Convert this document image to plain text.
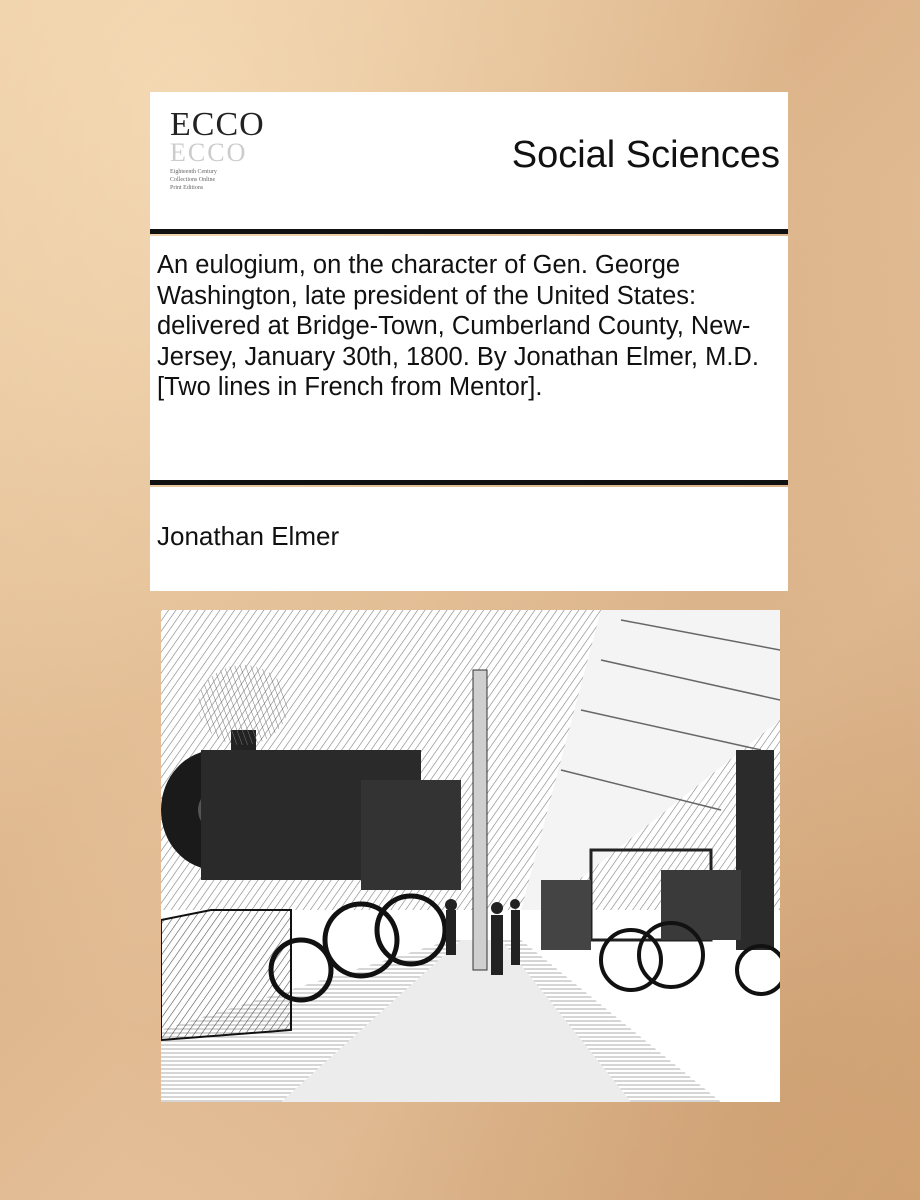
ECCO
ECCO
Eighteenth Century
Collections Online
Print Editions
Social Sciences
An eulogium, on the character of Gen. George Washington, late president of the United States: delivered at Bridge-Town, Cumberland County, New-Jersey, January 30th, 1800. By Jonathan Elmer, M.D. [Two lines in French from Mentor].
Jonathan Elmer
